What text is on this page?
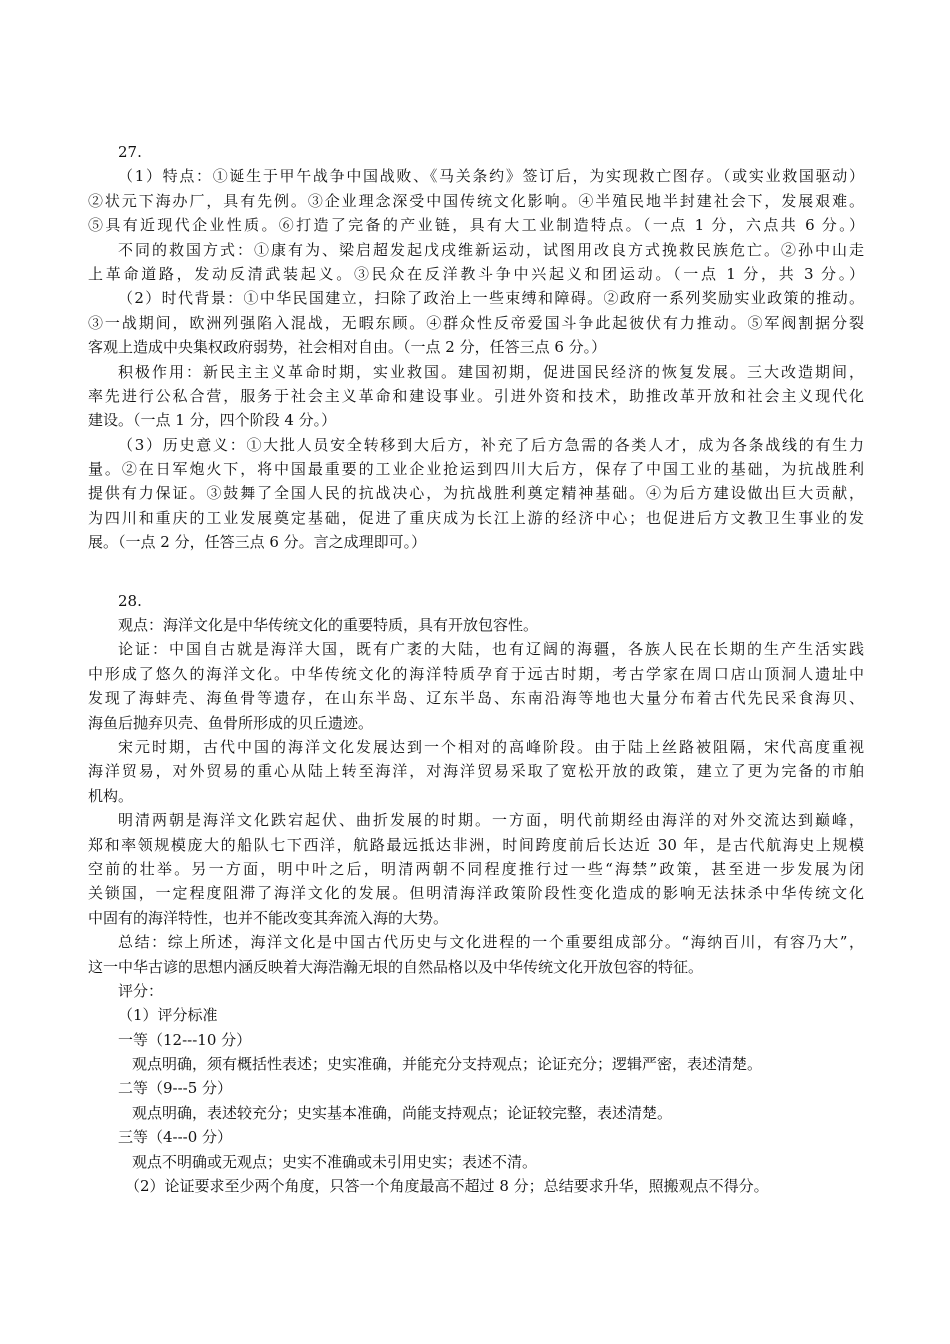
27.
（1）特点：①诞生于甲午战争中国战败、《马关条约》签订后，为实现救亡图存。（或实业救国驱动）
②状元下海办厂，具有先例。③企业理念深受中国传统文化影响。④半殖民地半封建社会下，发展艰难。
⑤具有近现代企业性质。⑥打造了完备的产业链，具有大工业制造特点。（一点 1 分，六点共 6 分。）
不同的救国方式：①康有为、梁启超发起戊戌维新运动，试图用改良方式挽救民族危亡。②孙中山走
上革命道路，发动反清武装起义。③民众在反洋教斗争中兴起义和团运动。（一点 1 分，共 3 分。）
（2）时代背景：①中华民国建立，扫除了政治上一些束缚和障碍。②政府一系列奖励实业政策的推动。
③一战期间，欧洲列强陷入混战，无暇东顾。④群众性反帝爱国斗争此起彼伏有力推动。⑤军阀割据分裂
客观上造成中央集权政府弱势，社会相对自由。（一点 2 分，任答三点 6 分。）
积极作用：新民主主义革命时期，实业救国。建国初期，促进国民经济的恢复发展。三大改造期间，
率先进行公私合营，服务于社会主义革命和建设事业。引进外资和技术，助推改革开放和社会主义现代化
建设。（一点 1 分，四个阶段 4 分。）
（3）历史意义：①大批人员安全转移到大后方，补充了后方急需的各类人才，成为各条战线的有生力
量。②在日军炮火下，将中国最重要的工业企业抢运到四川大后方，保存了中国工业的基础，为抗战胜利
提供有力保证。③鼓舞了全国人民的抗战决心，为抗战胜利奠定精神基础。④为后方建设做出巨大贡献，
为四川和重庆的工业发展奠定基础，促进了重庆成为长江上游的经济中心；也促进后方文教卫生事业的发
展。（一点 2 分，任答三点 6 分。言之成理即可。）
28.
观点：海洋文化是中华传统文化的重要特质，具有开放包容性。
论证：中国自古就是海洋大国，既有广袤的大陆，也有辽阔的海疆，各族人民在长期的生产生活实践
中形成了悠久的海洋文化。中华传统文化的海洋特质孕育于远古时期，考古学家在周口店山顶洞人遗址中
发现了海蚌壳、海鱼骨等遗存，在山东半岛、辽东半岛、东南沿海等地也大量分布着古代先民采食海贝、
海鱼后抛弃贝壳、鱼骨所形成的贝丘遗迹。
宋元时期，古代中国的海洋文化发展达到一个相对的高峰阶段。由于陆上丝路被阻隔，宋代高度重视
海洋贸易，对外贸易的重心从陆上转至海洋，对海洋贸易采取了宽松开放的政策，建立了更为完备的市舶
机构。
明清两朝是海洋文化跌宕起伏、曲折发展的时期。一方面，明代前期经由海洋的对外交流达到巅峰，
郑和率领规模庞大的船队七下西洋，航路最远抵达非洲，时间跨度前后长达近 30 年，是古代航海史上规模
空前的壮举。另一方面，明中叶之后，明清两朝不同程度推行过一些“海禁”政策，甚至进一步发展为闭
关锁国，一定程度阻滞了海洋文化的发展。但明清海洋政策阶段性变化造成的影响无法抹杀中华传统文化
中固有的海洋特性，也并不能改变其奔流入海的大势。
总结：综上所述，海洋文化是中国古代历史与文化进程的一个重要组成部分。“海纳百川，有容乃大”，
这一中华古谚的思想内涵反映着大海浩瀚无垠的自然品格以及中华传统文化开放包容的特征。
评分：
（1）评分标准
一等（12---10 分）
观点明确，须有概括性表述；史实准确，并能充分支持观点；论证充分；逻辑严密，表述清楚。
二等（9---5 分）
观点明确，表述较充分；史实基本准确，尚能支持观点；论证较完整，表述清楚。
三等（4---0 分）
观点不明确或无观点；史实不准确或未引用史实；表述不清。
（2）论证要求至少两个角度，只答一个角度最高不超过 8 分；总结要求升华，照搬观点不得分。
